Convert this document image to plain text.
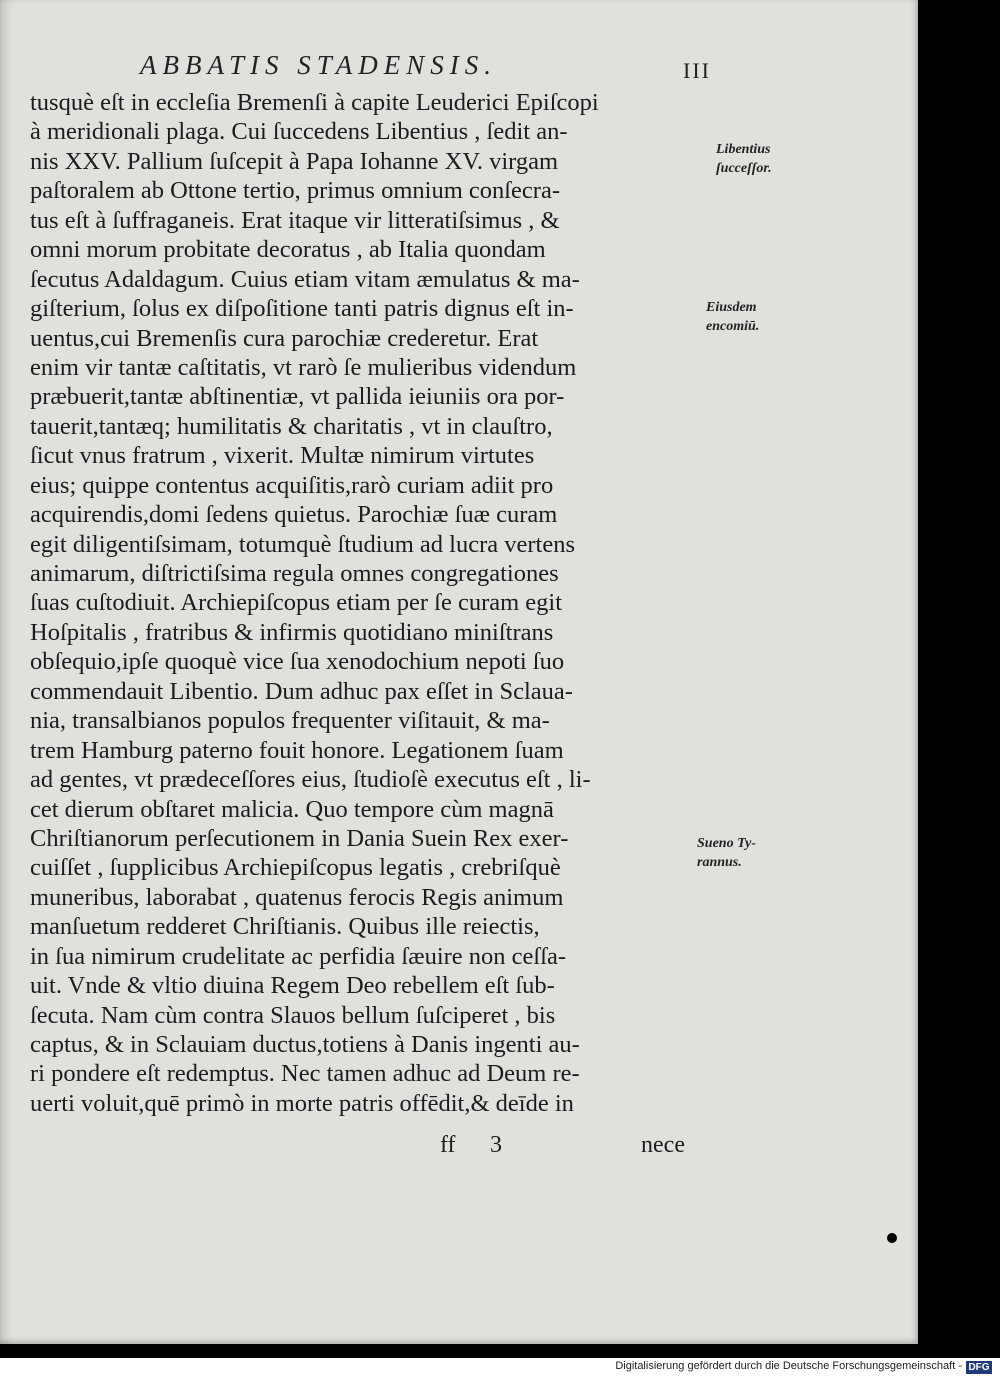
ABBATIS STADENSIS.	III
tusquè eſt in eccleſia Bremenſi à capite Leuderici Epiſcopi
à meridionali plaga. Cui ſuccedens Libentius , ſedit an-
nis XXV. Pallium ſuſcepit à Papa Iohanne XV. virgam
paſtoralem ab Ottone tertio, primus omnium conſecra-
tus eſt à ſuffraganeis. Erat itaque vir litteratiſsimus , &
omni morum probitate decoratus , ab Italia quondam
ſecutus Adaldagum. Cuius etiam vitam æmulatus & ma-
giſterium, ſolus ex diſpoſitione tanti patris dignus eſt in-
uentus,cui Bremenſis cura parochiæ crederetur. Erat
enim vir tantæ caſtitatis, vt rarò ſe mulieribus videndum
præbuerit,tantæ abſtinentiæ, vt pallida ieiuniis ora por-
tauerit,tantæq; humilitatis & charitatis , vt in clauſtro,
ſicut vnus fratrum , vixerit. Multæ nimirum virtutes
eius; quippe contentus acquiſitis,rarò curiam adiit pro
acquirendis,domi ſedens quietus. Parochiæ ſuæ curam
egit diligentiſsimam, totumquè ſtudium ad lucra vertens
animarum, diſtrictiſsima regula omnes congregationes
ſuas cuſtodiuit. Archiepiſcopus etiam per ſe curam egit
Hoſpitalis , fratribus & infirmis quotidiano miniſtrans
obſequio,ipſe quoquè vice ſua xenodochium nepoti ſuo
commendauit Libentio. Dum adhuc pax eſſet in Sclaua-
nia, transalbianos populos frequenter viſitauit, & ma-
trem Hamburg paterno fouit honore. Legationem ſuam
ad gentes, vt prædeceſſores eius, ſtudioſè executus eſt , li-
cet dierum obſtaret malicia. Quo tempore cùm magnā
Chriſtianorum perſecutionem in Dania Suein Rex exer-
cuiſſet , ſupplicibus Archiepiſcopus legatis , crebriſquè
muneribus, laborabat , quatenus ferocis Regis animum
manſuetum redderet Chriſtianis. Quibus ille reiectis,
in ſua nimirum crudelitate ac perfidia ſæuire non ceſſa-
uit. Vnde & vltio diuina Regem Deo rebellem eſt ſub-
ſecuta. Nam cùm contra Slauos bellum ſuſciperet , bis
captus, & in Sclauiam ductus,totiens à Danis ingenti au-
ri pondere eſt redemptus. Nec tamen adhuc ad Deum re-
uerti voluit,quē primò in morte patris offēdit,& deīde in
Libentius
ſucceſſor.
Eiusdem
encomiū.
Sueno Ty-
rannus.
ff 3	nece
Digitalisierung gefördert durch die Deutsche Forschungsgemeinschaft - DFG
